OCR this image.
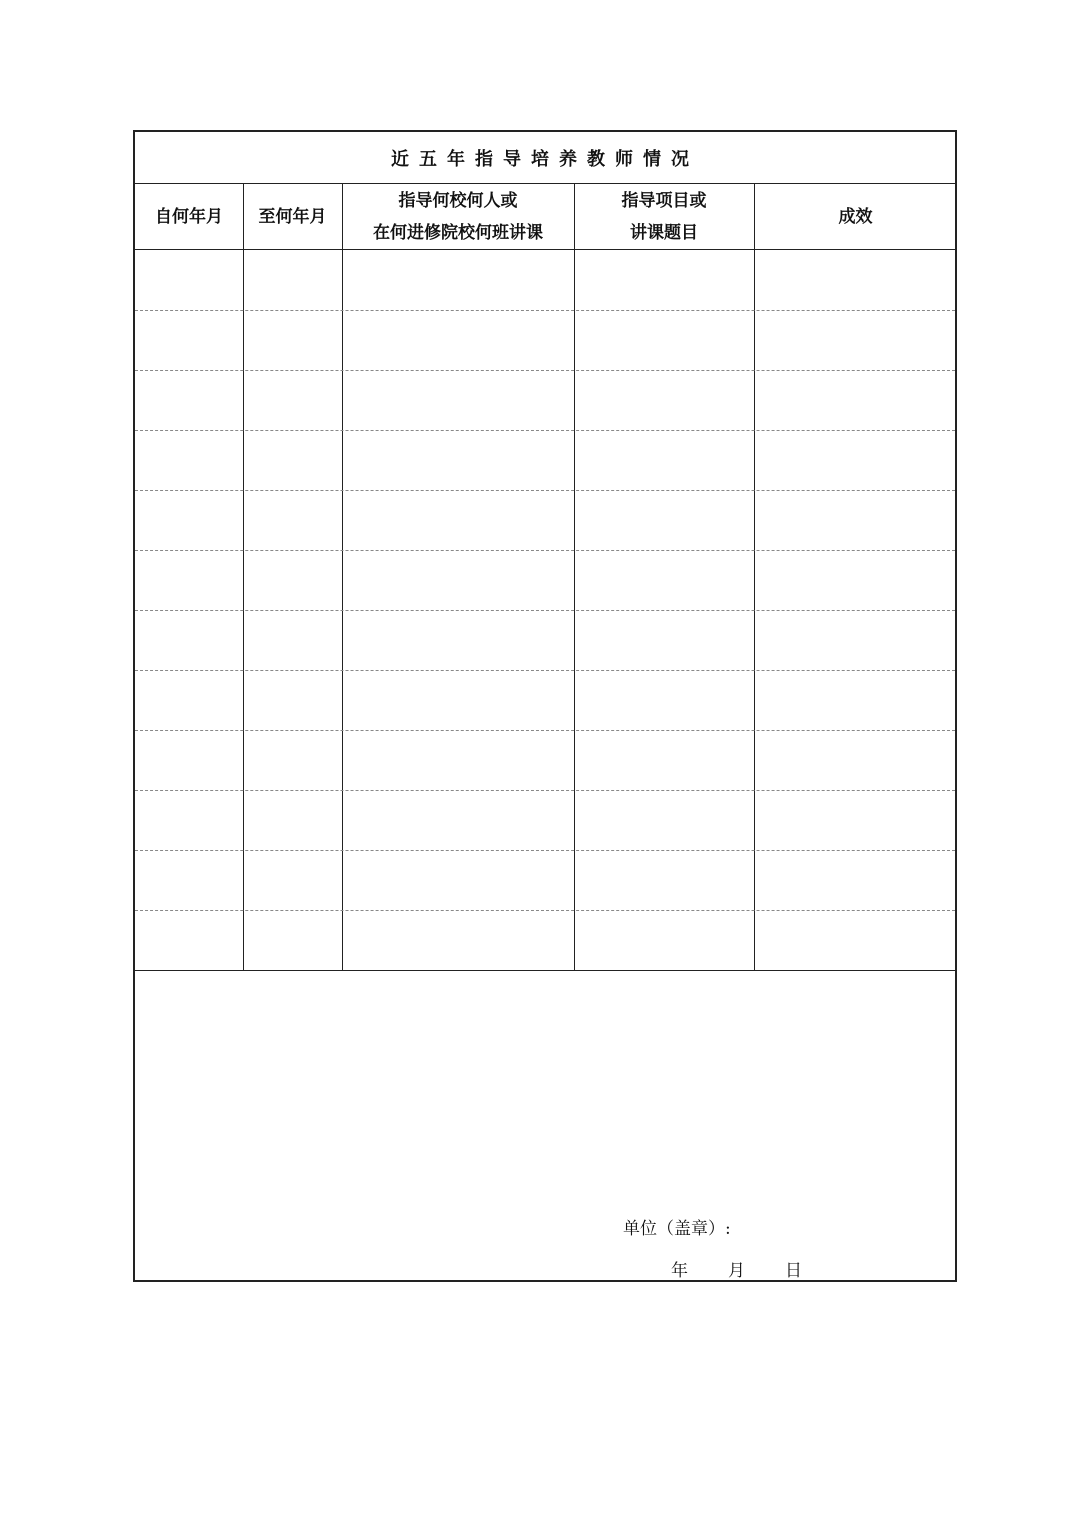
近五年指导培养教师情况
自何年月 至何年月
指导何校何人或
在何进修院校何班讲课
指导项目或
讲课题目
成效
单位（盖章）:
年 月 日
